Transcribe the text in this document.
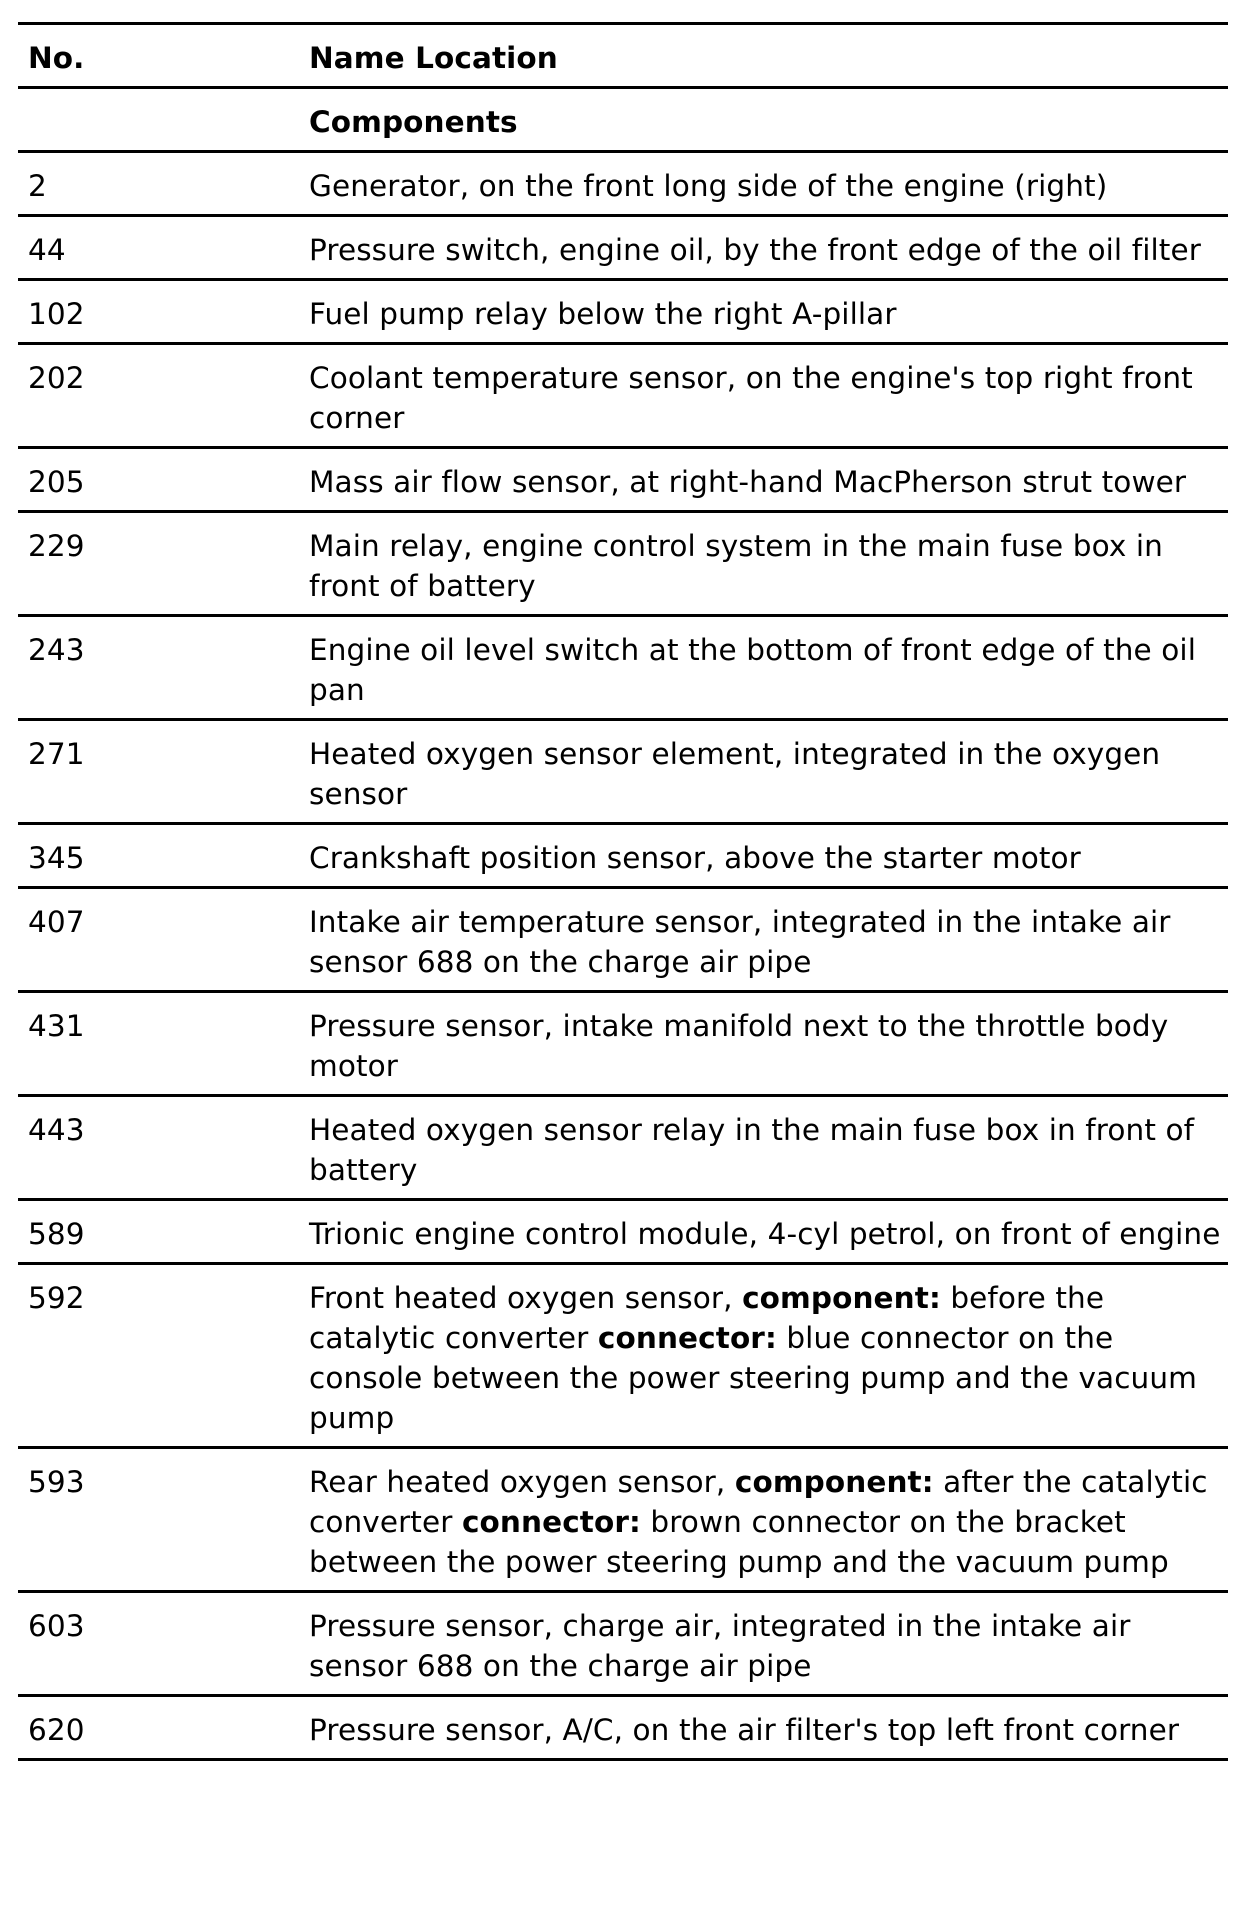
No.	Name Location
	Components
2	Generator, on the front long side of the engine (right)
44	Pressure switch, engine oil, by the front edge of the oil filter
102	Fuel pump relay below the right A-pillar
202	Coolant temperature sensor, on the engine's top right front corner
205	Mass air flow sensor, at right-hand MacPherson strut tower
229	Main relay, engine control system in the main fuse box in front of battery
243	Engine oil level switch at the bottom of front edge of the oil pan
271	Heated oxygen sensor element, integrated in the oxygen sensor
345	Crankshaft position sensor, above the starter motor
407	Intake air temperature sensor, integrated in the intake air sensor 688 on the charge air pipe
431	Pressure sensor, intake manifold next to the throttle body motor
443	Heated oxygen sensor relay in the main fuse box in front of battery
589	Trionic engine control module, 4-cyl petrol, on front of engine
592	Front heated oxygen sensor, component: before the catalytic converter connector: blue connector on the console between the power steering pump and the vacuum pump
593	Rear heated oxygen sensor, component: after the catalytic converter connector: brown connector on the bracket between the power steering pump and the vacuum pump
603	Pressure sensor, charge air, integrated in the intake air sensor 688 on the charge air pipe
620	Pressure sensor, A/C, on the air filter's top left front corner
